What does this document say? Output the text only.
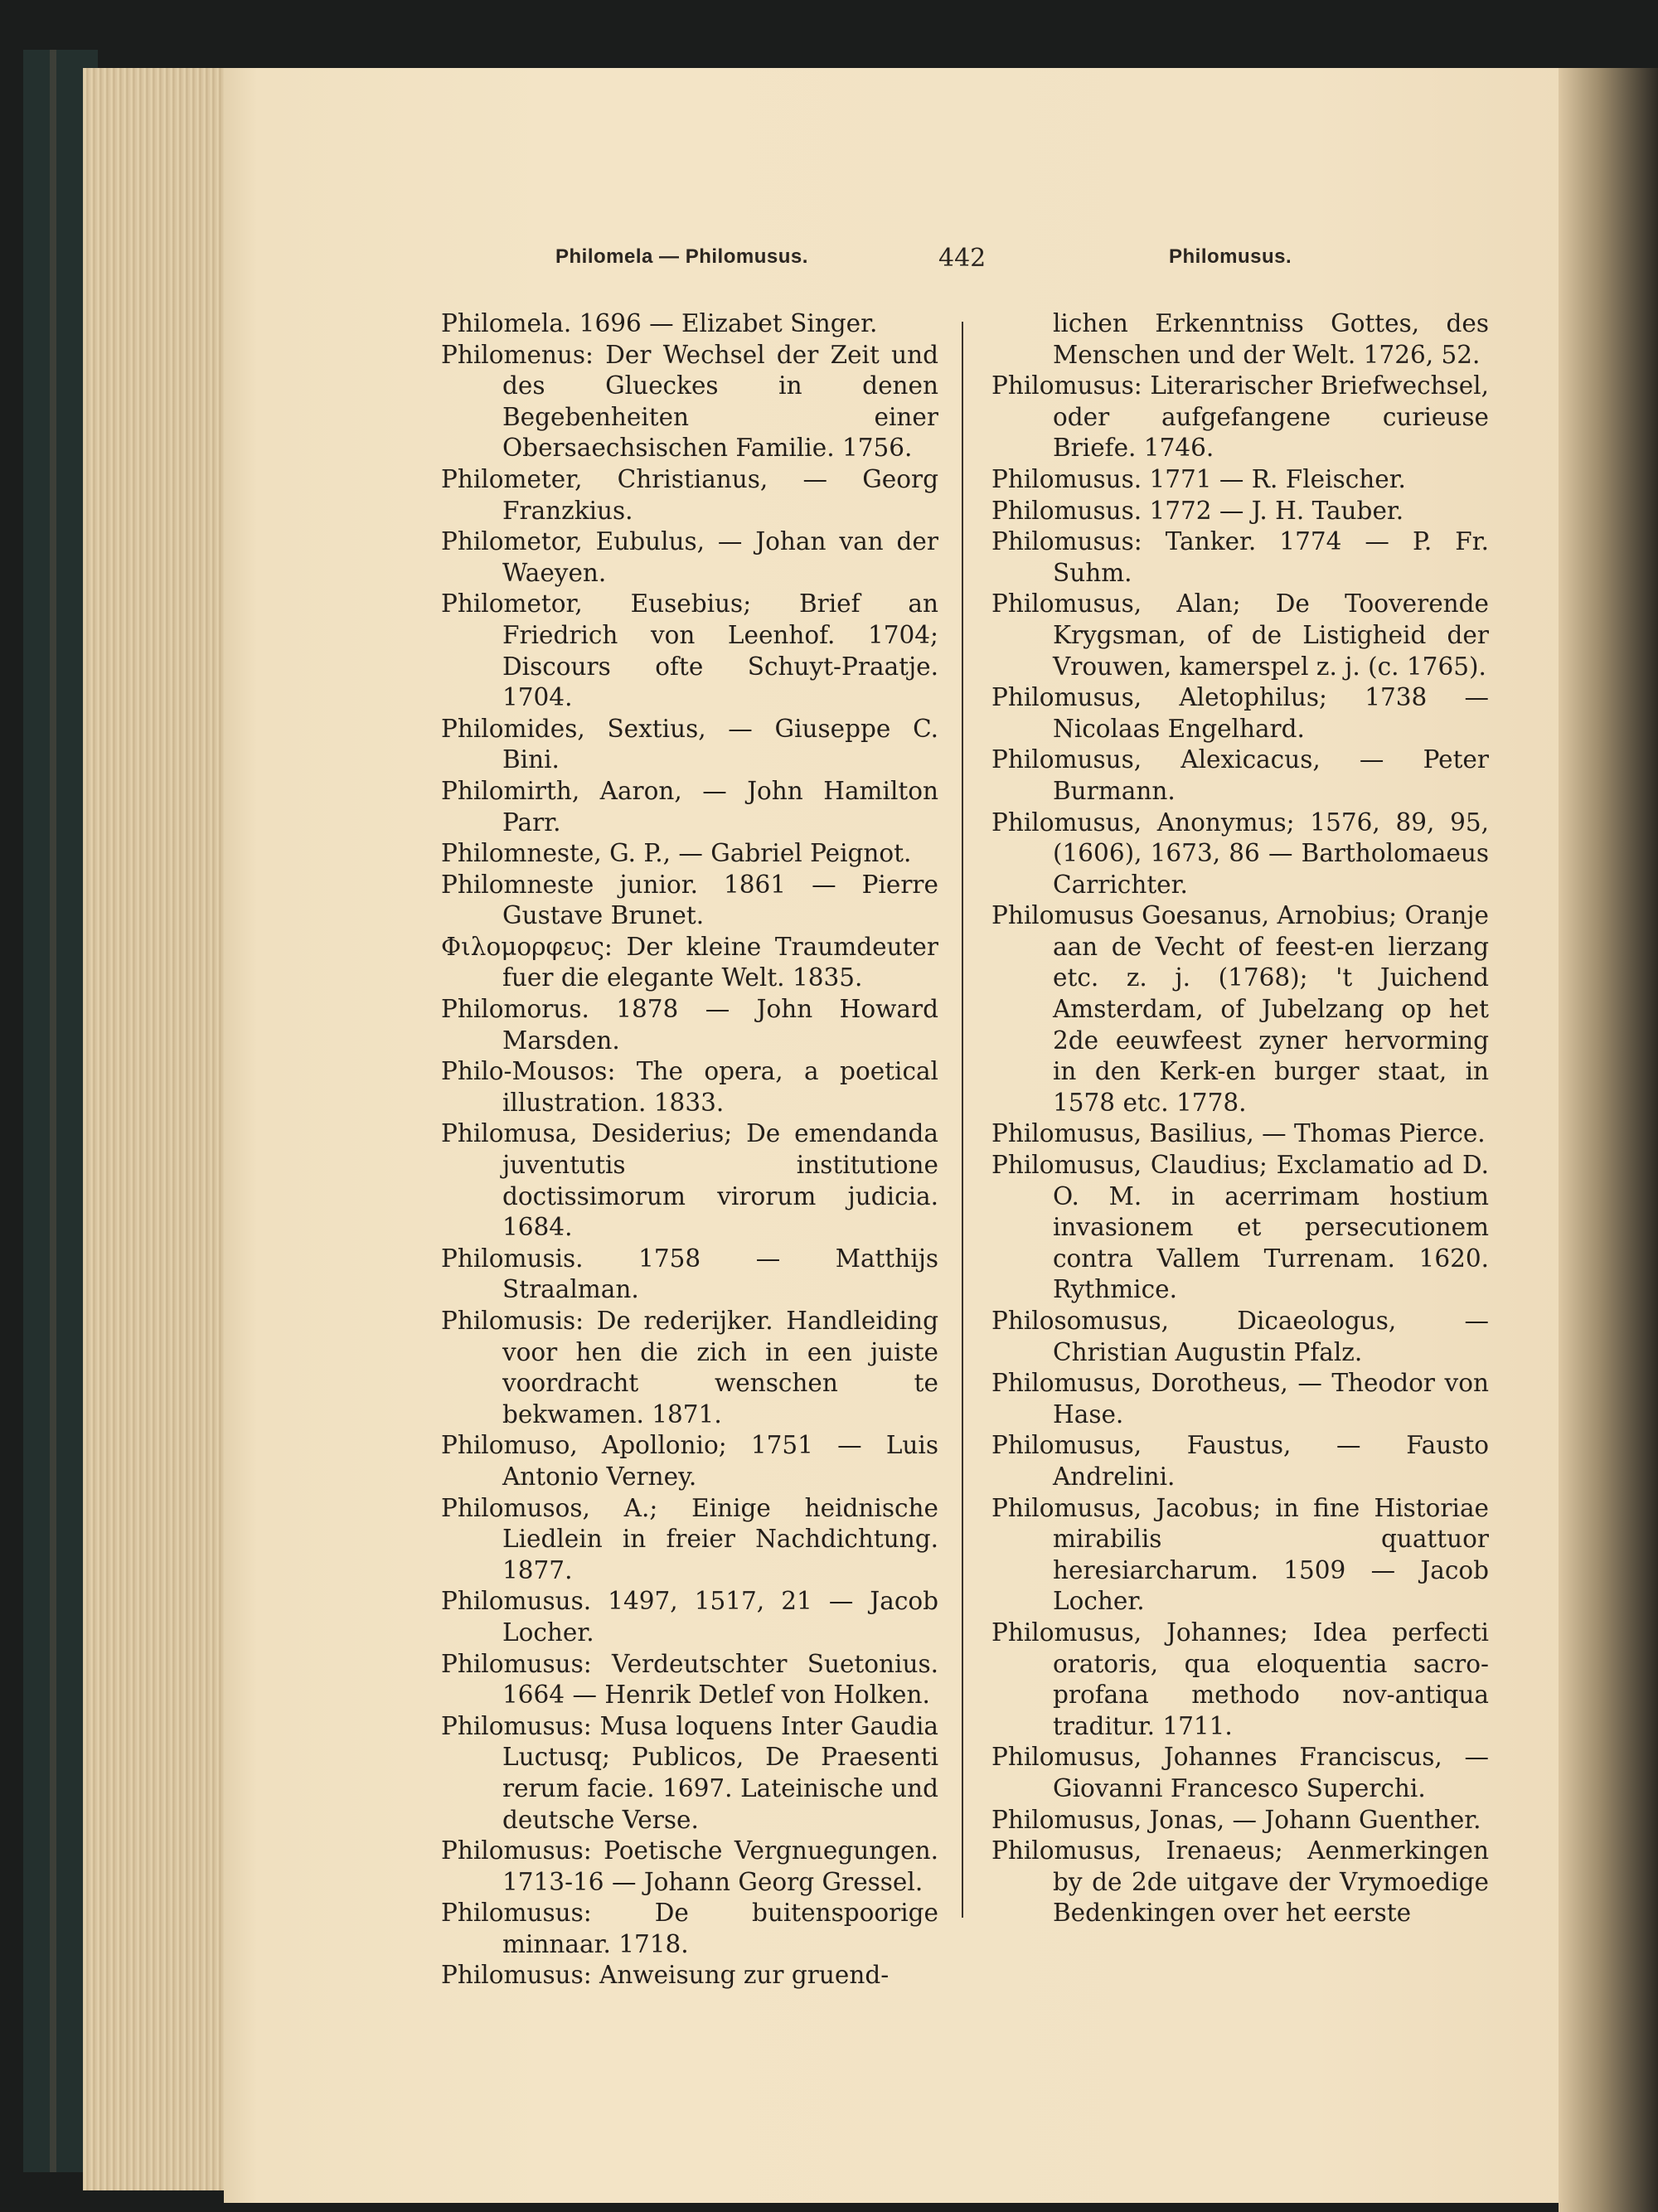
Philomela — Philomusus.	442	Philomusus.

Philomela. 1696 — Elizabet Singer.

Philomenus: Der Wechsel der Zeit und des Glueckes in denen Begebenheiten einer Obersaechsischen Familie. 1756.

Philometer, Christianus, — Georg Franzkius.

Philometor, Eubulus, — Johan van der Waeyen.

Philometor, Eusebius; Brief an Friedrich von Leenhof. 1704; Discours ofte Schuyt-Praatje. 1704.

Philomides, Sextius, — Giuseppe C. Bini.

Philomirth, Aaron, — John Hamilton Parr.

Philomneste, G. P., — Gabriel Peignot.

Philomneste junior. 1861 — Pierre Gustave Brunet.

Φιλομορφευς: Der kleine Traumdeuter fuer die elegante Welt. 1835.

Philomorus. 1878 — John Howard Marsden.

Philo-Mousos: The opera, a poetical illustration. 1833.

Philomusa, Desiderius; De emendanda juventutis institutione doctissimorum virorum judicia. 1684.

Philomusis. 1758 — Matthijs Straalman.

Philomusis: De rederijker. Handleiding voor hen die zich in een juiste voordracht wenschen te bekwamen. 1871.

Philomuso, Apollonio; 1751 — Luis Antonio Verney.

Philomusos, A.; Einige heidnische Liedlein in freier Nachdichtung. 1877.

Philomusus. 1497, 1517, 21 — Jacob Locher.

Philomusus: Verdeutschter Suetonius. 1664 — Henrik Detlef von Holken.

Philomusus: Musa loquens Inter Gaudia Luctusq; Publicos, De Praesenti rerum facie. 1697. Lateinische und deutsche Verse.

Philomusus: Poetische Vergnuegungen. 1713-16 — Johann Georg Gressel.

Philomusus: De buitenspoorige minnaar. 1718.

Philomusus: Anweisung zur gruend-

lichen Erkenntniss Gottes, des Menschen und der Welt. 1726, 52.

Philomusus: Literarischer Briefwechsel, oder aufgefangene curieuse Briefe. 1746.

Philomusus. 1771 — R. Fleischer.

Philomusus. 1772 — J. H. Tauber.

Philomusus: Tanker. 1774 — P. Fr. Suhm.

Philomusus, Alan; De Tooverende Krygsman, of de Listigheid der Vrouwen, kamerspel z. j. (c. 1765).

Philomusus, Aletophilus; 1738 — Nicolaas Engelhard.

Philomusus, Alexicacus, — Peter Burmann.

Philomusus, Anonymus; 1576, 89, 95, (1606), 1673, 86 — Bartholomaeus Carrichter.

Philomusus Goesanus, Arnobius; Oranje aan de Vecht of feest-en lierzang etc. z. j. (1768); 't Juichend Amsterdam, of Jubelzang op het 2de eeuwfeest zyner hervorming in den Kerk-en burger staat, in 1578 etc. 1778.

Philomusus, Basilius, — Thomas Pierce.

Philomusus, Claudius; Exclamatio ad D. O. M. in acerrimam hostium invasionem et persecutionem contra Vallem Turrenam. 1620. Rythmice.

Philosomusus, Dicaeologus, — Christian Augustin Pfalz.

Philomusus, Dorotheus, — Theodor von Hase.

Philomusus, Faustus, — Fausto Andrelini.

Philomusus, Jacobus; in fine Historiae mirabilis quattuor heresiarcharum. 1509 — Jacob Locher.

Philomusus, Johannes; Idea perfecti oratoris, qua eloquentia sacro-profana methodo nov-antiqua traditur. 1711.

Philomusus, Johannes Franciscus, — Giovanni Francesco Superchi.

Philomusus, Jonas, — Johann Guenther.

Philomusus, Irenaeus; Aenmerkingen by de 2de uitgave der Vrymoedige Bedenkingen over het eerste
